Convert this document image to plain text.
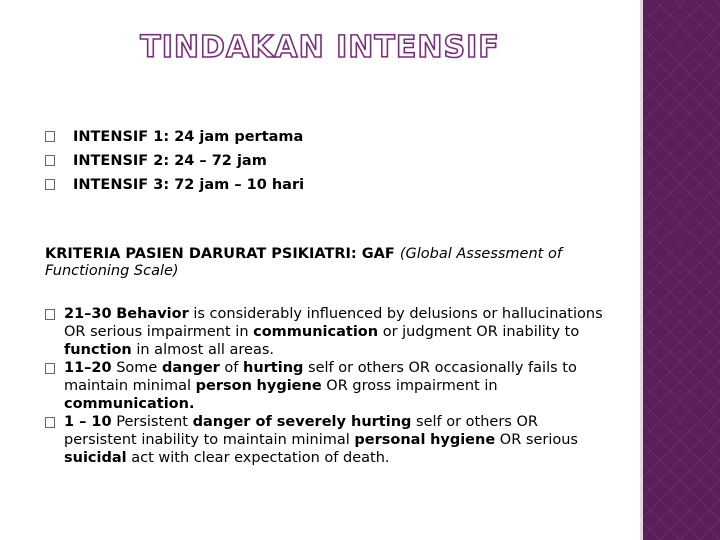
TINDAKAN INTENSIF
INTENSIF 1: 24 jam pertama
INTENSIF 2: 24 – 72 jam
INTENSIF 3: 72 jam – 10 hari
KRITERIA PASIEN DARURAT PSIKIATRI: GAF (Global Assessment of Functioning Scale)
21–30 Behavior is considerably influenced by delusions or hallucinations OR serious impairment in communication or judgment OR inability to function in almost all areas.
11–20 Some danger of hurting self or others OR occasionally fails to maintain minimal person hygiene OR gross impairment in communication.
1 – 10 Persistent danger of severely hurting self or others OR persistent inability to maintain minimal personal hygiene OR serious suicidal act with clear expectation of death.
